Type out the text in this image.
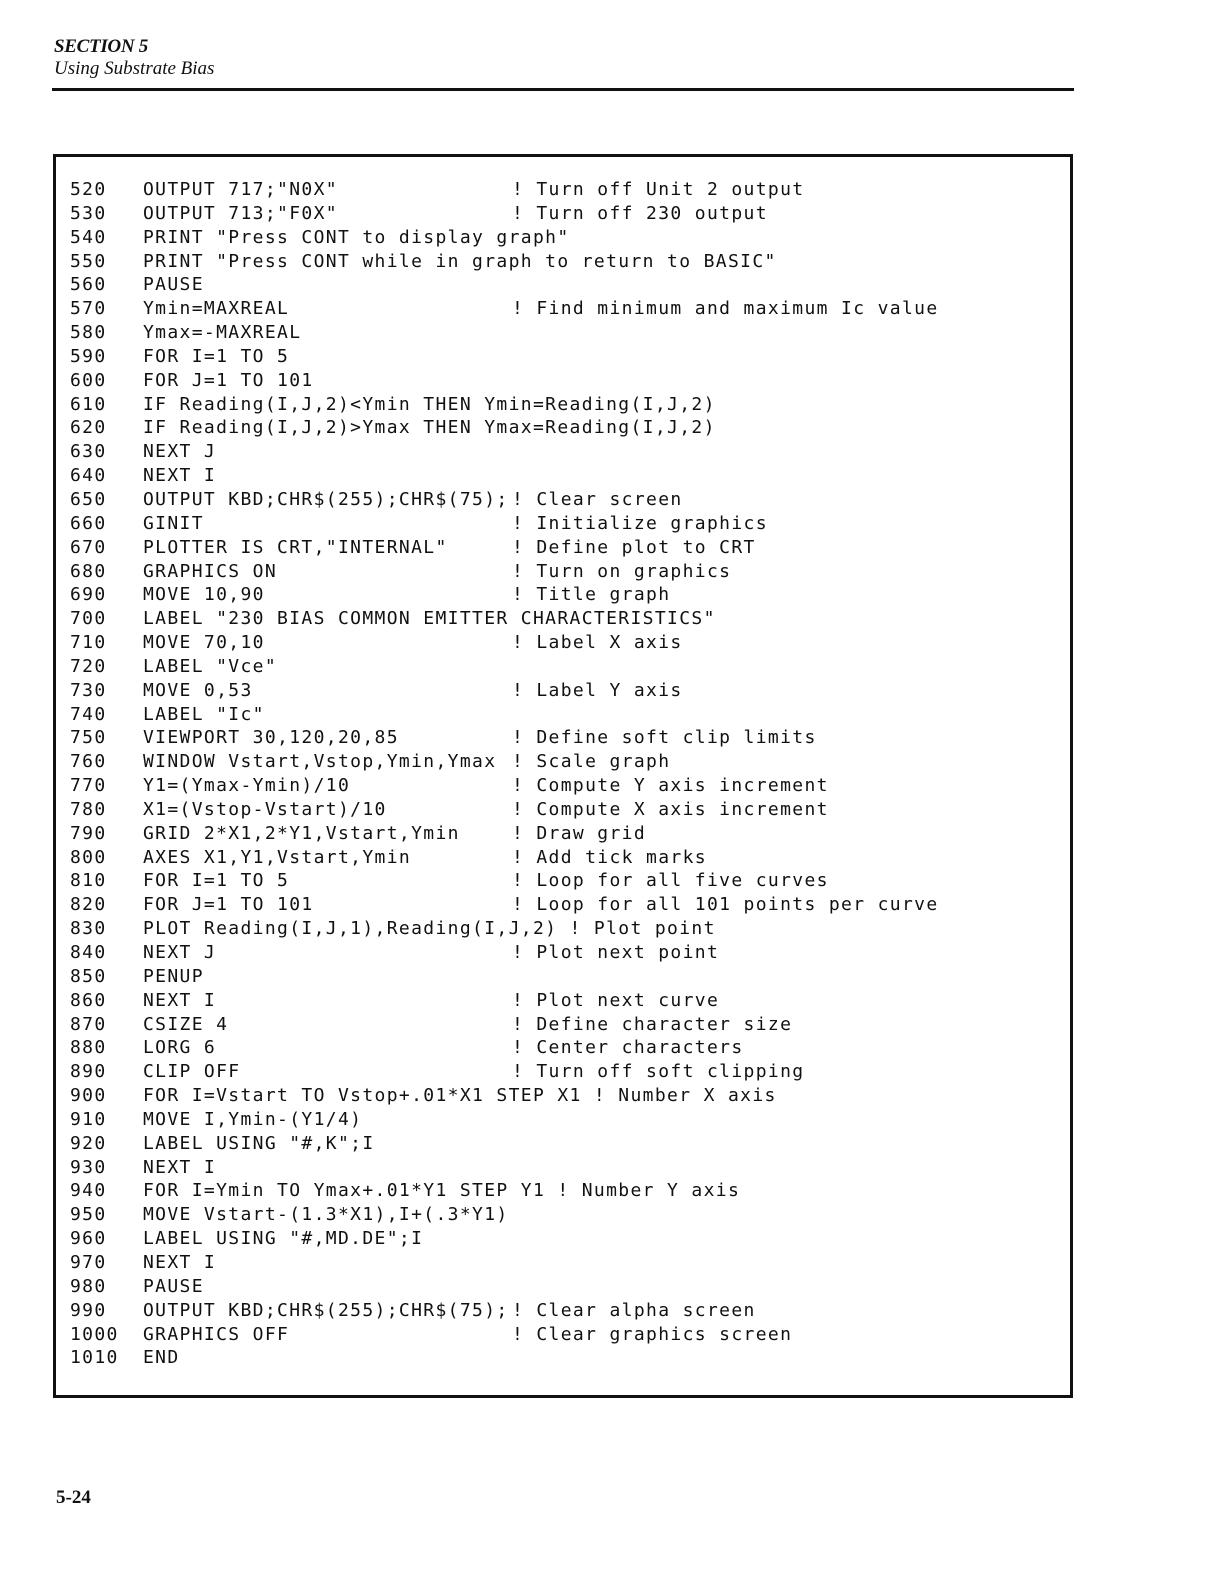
SECTION 5
Using Substrate Bias
520 OUTPUT 717;"N0X"	! Turn off Unit 2 output
530 OUTPUT 713;"F0X"	! Turn off 230 output
540 PRINT "Press CONT to display graph"
550 PRINT "Press CONT while in graph to return to BASIC"
560 PAUSE
570 Ymin=MAXREAL	! Find minimum and maximum Ic value
580 Ymax=-MAXREAL
590 FOR I=1 TO 5
600 FOR J=1 TO 101
610 IF Reading(I,J,2)<Ymin THEN Ymin=Reading(I,J,2)
620 IF Reading(I,J,2)>Ymax THEN Ymax=Reading(I,J,2)
630 NEXT J
640 NEXT I
650 OUTPUT KBD;CHR$(255);CHR$(75); ! Clear screen
660 GINIT	! Initialize graphics
670 PLOTTER IS CRT,"INTERNAL"	! Define plot to CRT
680 GRAPHICS ON	! Turn on graphics
690 MOVE 10,90	! Title graph
700 LABEL "230 BIAS COMMON EMITTER CHARACTERISTICS"
710 MOVE 70,10	! Label X axis
720 LABEL "Vce"
730 MOVE 0,53	! Label Y axis
740 LABEL "Ic"
750 VIEWPORT 30,120,20,85	! Define soft clip limits
760 WINDOW Vstart,Vstop,Ymin,Ymax ! Scale graph
770 Y1=(Ymax-Ymin)/10	! Compute Y axis increment
780 X1=(Vstop-Vstart)/10	! Compute X axis increment
790 GRID 2*X1,2*Y1,Vstart,Ymin	! Draw grid
800 AXES X1,Y1,Vstart,Ymin	! Add tick marks
810 FOR I=1 TO 5	! Loop for all five curves
820 FOR J=1 TO 101	! Loop for all 101 points per curve
830 PLOT Reading(I,J,1),Reading(I,J,2) ! Plot point
840 NEXT J	! Plot next point
850 PENUP
860 NEXT I	! Plot next curve
870 CSIZE 4	! Define character size
880 LORG 6	! Center characters
890 CLIP OFF	! Turn off soft clipping
900 FOR I=Vstart TO Vstop+.01*X1 STEP X1 ! Number X axis
910 MOVE I,Ymin-(Y1/4)
920 LABEL USING "#,K";I
930 NEXT I
940 FOR I=Ymin TO Ymax+.01*Y1 STEP Y1 ! Number Y axis
950 MOVE Vstart-(1.3*X1),I+(.3*Y1)
960 LABEL USING "#,MD.DE";I
970 NEXT I
980 PAUSE
990 OUTPUT KBD;CHR$(255);CHR$(75); ! Clear alpha screen
1000 GRAPHICS OFF	! Clear graphics screen
1010 END
5-24
